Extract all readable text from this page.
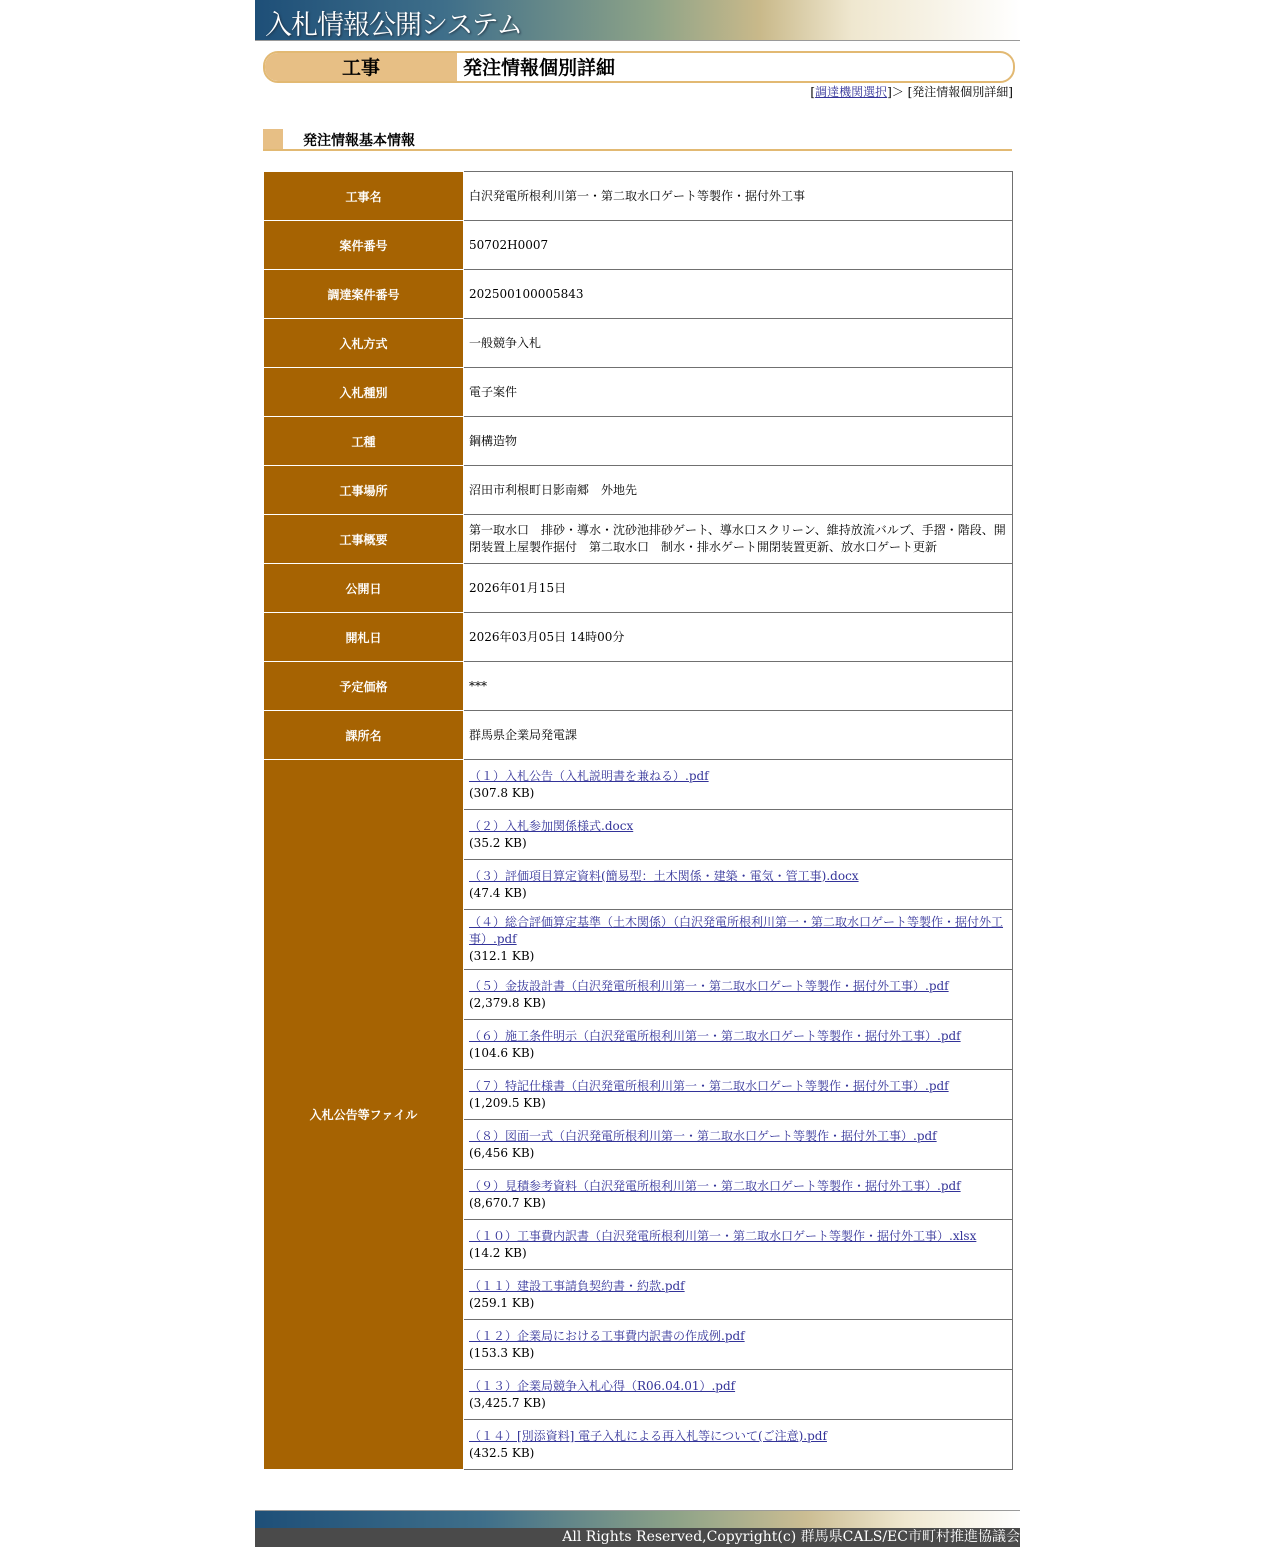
入札情報公開システム
工事	発注情報個別詳細
[調達機関選択]＞ [発注情報個別詳細]
発注情報基本情報
工事名	白沢発電所根利川第一・第二取水口ゲート等製作・据付外工事
案件番号	50702H0007
調達案件番号	202500100005843
入札方式	一般競争入札
入札種別	電子案件
工種	鋼構造物
工事場所	沼田市利根町日影南郷　外地先
工事概要	第一取水口　排砂・導水・沈砂池排砂ゲート、導水口スクリーン、維持放流バルブ、手摺・階段、開閉装置上屋製作据付　第二取水口　制水・排水ゲート開閉装置更新、放水口ゲート更新
公開日	2026年01月15日
開札日	2026年03月05日 14時00分
予定価格	***
課所名	群馬県企業局発電課
入札公告等ファイル	
（１）入札公告（入札説明書を兼ねる）.pdf
(307.8 KB)
（２）入札参加関係様式.docx
(35.2 KB)
（３）評価項目算定資料(簡易型：土木関係・建築・電気・管工事).docx
(47.4 KB)
（４）総合評価算定基準（土木関係）（白沢発電所根利川第一・第二取水口ゲート等製作・据付外工事）.pdf
(312.1 KB)
（５）金抜設計書（白沢発電所根利川第一・第二取水口ゲート等製作・据付外工事）.pdf
(2,379.8 KB)
（６）施工条件明示（白沢発電所根利川第一・第二取水口ゲート等製作・据付外工事）.pdf
(104.6 KB)
（７）特記仕様書（白沢発電所根利川第一・第二取水口ゲート等製作・据付外工事）.pdf
(1,209.5 KB)
（８）図面一式（白沢発電所根利川第一・第二取水口ゲート等製作・据付外工事）.pdf
(6,456 KB)
（９）見積参考資料（白沢発電所根利川第一・第二取水口ゲート等製作・据付外工事）.pdf
(8,670.7 KB)
（１０）工事費内訳書（白沢発電所根利川第一・第二取水口ゲート等製作・据付外工事）.xlsx
(14.2 KB)
（１１）建設工事請負契約書・約款.pdf
(259.1 KB)
（１２）企業局における工事費内訳書の作成例.pdf
(153.3 KB)
（１３）企業局競争入札心得（R06.04.01）.pdf
(3,425.7 KB)
（１４）[別添資料] 電子入札による再入札等について(ご注意).pdf
(432.5 KB)
All Rights Reserved,Copyright(c) 群馬県CALS/EC市町村推進協議会
